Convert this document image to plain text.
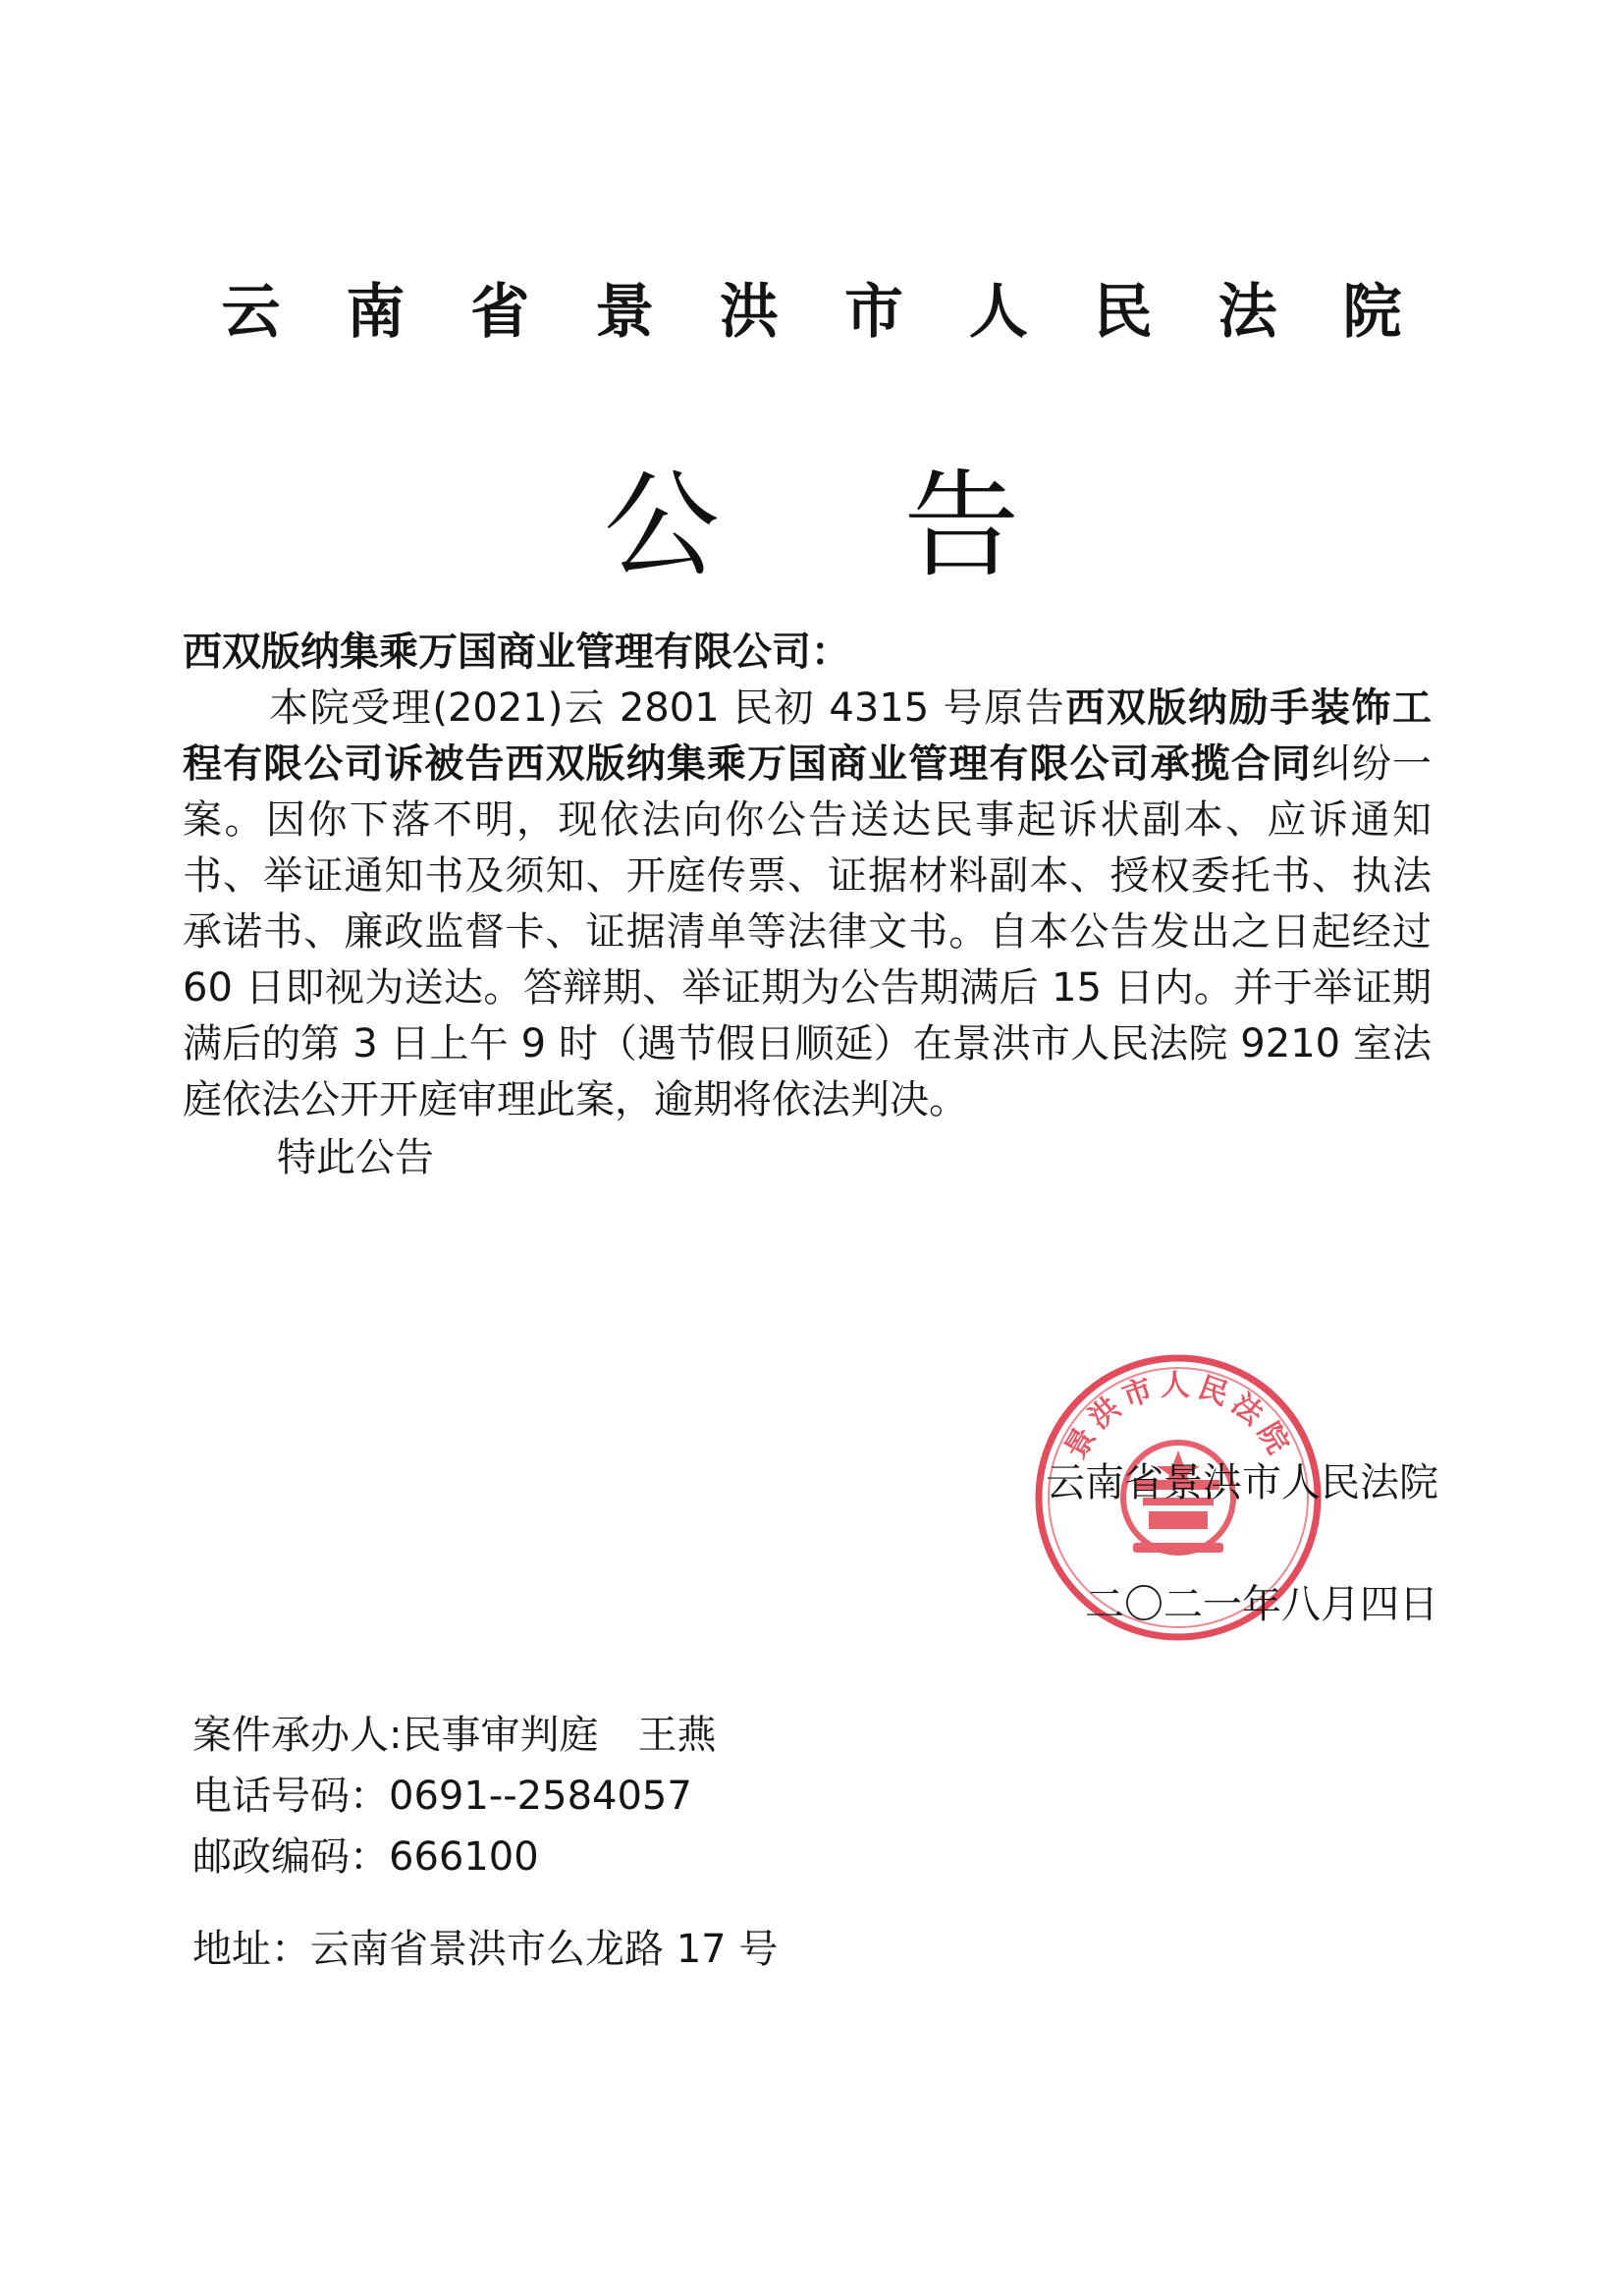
云 南 省 景 洪 市 人 民 法 院
公 告

西双版纳集乘万国商业管理有限公司：

本院受理(2021)云 2801 民初 4315 号原告西双版纳励手装饰工程有限公司诉被告西双版纳集乘万国商业管理有限公司承揽合同纠纷一案。因你下落不明，现依法向你公告送达民事起诉状副本、应诉通知书、举证通知书及须知、开庭传票、证据材料副本、授权委托书、执法承诺书、廉政监督卡、证据清单等法律文书。自本公告发出之日起经过 60 日即视为送达。答辩期、举证期为公告期满后 15 日内。并于举证期满后的第 3 日上午 9 时（遇节假日顺延）在景洪市人民法院 9210 室法庭依法公开开庭审理此案，逾期将依法判决。

特此公告

景洪市人民法院
云南省景洪市人民法院
二〇二一年八月四日
案件承办人:民事审判庭　王燕
电话号码：0691--2584057
邮政编码：666100
地址：云南省景洪市么龙路 17 号
